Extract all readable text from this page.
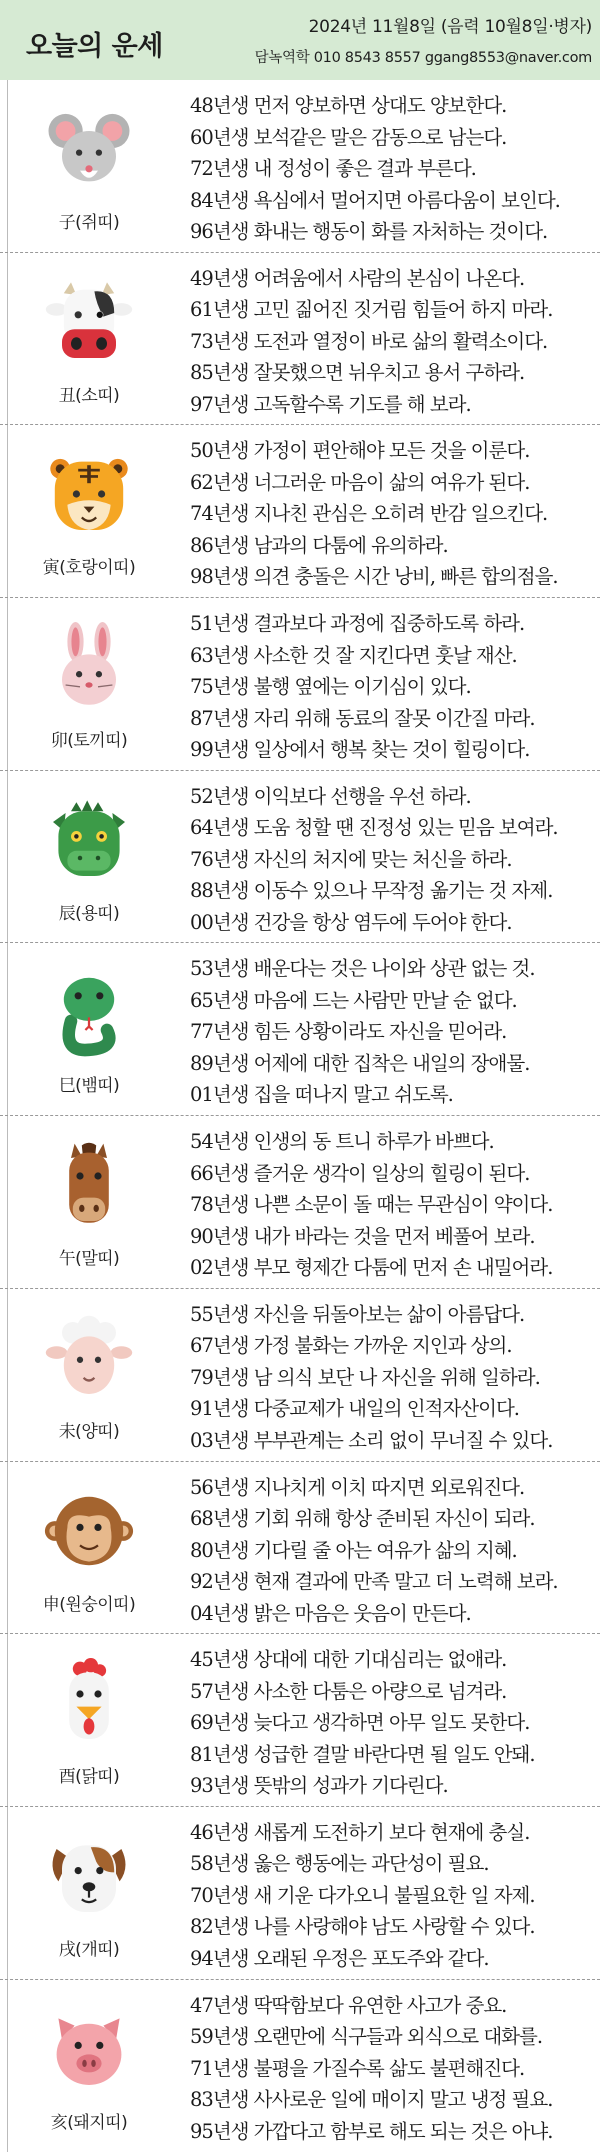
오늘의 운세
2024년 11월8일 (음력 10월8일·병자)
담녹역학 010 8543 8557 ggang8553@naver.com
子(쥐띠)
48년생 먼저 양보하면 상대도 양보한다.
60년생 보석같은 말은 감동으로 남는다.
72년생 내 정성이 좋은 결과 부른다.
84년생 욕심에서 멀어지면 아름다움이 보인다.
96년생 화내는 행동이 화를 자처하는 것이다.
丑(소띠)
49년생 어려움에서 사람의 본심이 나온다.
61년생 고민 짊어진 짓거림 힘들어 하지 마라.
73년생 도전과 열정이 바로 삶의 활력소이다.
85년생 잘못했으면 뉘우치고 용서 구하라.
97년생 고독할수록 기도를 해 보라.
寅(호랑이띠)
50년생 가정이 편안해야 모든 것을 이룬다.
62년생 너그러운 마음이 삶의 여유가 된다.
74년생 지나친 관심은 오히려 반감 일으킨다.
86년생 남과의 다툼에 유의하라.
98년생 의견 충돌은 시간 낭비, 빠른 합의점을.
卯(토끼띠)
51년생 결과보다 과정에 집중하도록 하라.
63년생 사소한 것 잘 지킨다면 훗날 재산.
75년생 불행 옆에는 이기심이 있다.
87년생 자리 위해 동료의 잘못 이간질 마라.
99년생 일상에서 행복 찾는 것이 힐링이다.
辰(용띠)
52년생 이익보다 선행을 우선 하라.
64년생 도움 청할 땐 진정성 있는 믿음 보여라.
76년생 자신의 처지에 맞는 처신을 하라.
88년생 이동수 있으나 무작정 옮기는 것 자제.
00년생 건강을 항상 염두에 두어야 한다.
巳(뱀띠)
53년생 배운다는 것은 나이와 상관 없는 것.
65년생 마음에 드는 사람만 만날 순 없다.
77년생 힘든 상황이라도 자신을 믿어라.
89년생 어제에 대한 집착은 내일의 장애물.
01년생 집을 떠나지 말고 쉬도록.
午(말띠)
54년생 인생의 동 트니 하루가 바쁘다.
66년생 즐거운 생각이 일상의 힐링이 된다.
78년생 나쁜 소문이 돌 때는 무관심이 약이다.
90년생 내가 바라는 것을 먼저 베풀어 보라.
02년생 부모 형제간 다툼에 먼저 손 내밀어라.
未(양띠)
55년생 자신을 뒤돌아보는 삶이 아름답다.
67년생 가정 불화는 가까운 지인과 상의.
79년생 남 의식 보단 나 자신을 위해 일하라.
91년생 다중교제가 내일의 인적자산이다.
03년생 부부관계는 소리 없이 무너질 수 있다.
申(원숭이띠)
56년생 지나치게 이치 따지면 외로워진다.
68년생 기회 위해 항상 준비된 자신이 되라.
80년생 기다릴 줄 아는 여유가 삶의 지혜.
92년생 현재 결과에 만족 말고 더 노력해 보라.
04년생 밝은 마음은 웃음이 만든다.
酉(닭띠)
45년생 상대에 대한 기대심리는 없애라.
57년생 사소한 다툼은 아량으로 넘겨라.
69년생 늦다고 생각하면 아무 일도 못한다.
81년생 성급한 결말 바란다면 될 일도 안돼.
93년생 뜻밖의 성과가 기다린다.
戌(개띠)
46년생 새롭게 도전하기 보다 현재에 충실.
58년생 옳은 행동에는 과단성이 필요.
70년생 새 기운 다가오니 불필요한 일 자제.
82년생 나를 사랑해야 남도 사랑할 수 있다.
94년생 오래된 우정은 포도주와 같다.
亥(돼지띠)
47년생 딱딱함보다 유연한 사고가 중요.
59년생 오랜만에 식구들과 외식으로 대화를.
71년생 불평을 가질수록 삶도 불편해진다.
83년생 사사로운 일에 매이지 말고 냉정 필요.
95년생 가깝다고 함부로 해도 되는 것은 아냐.
